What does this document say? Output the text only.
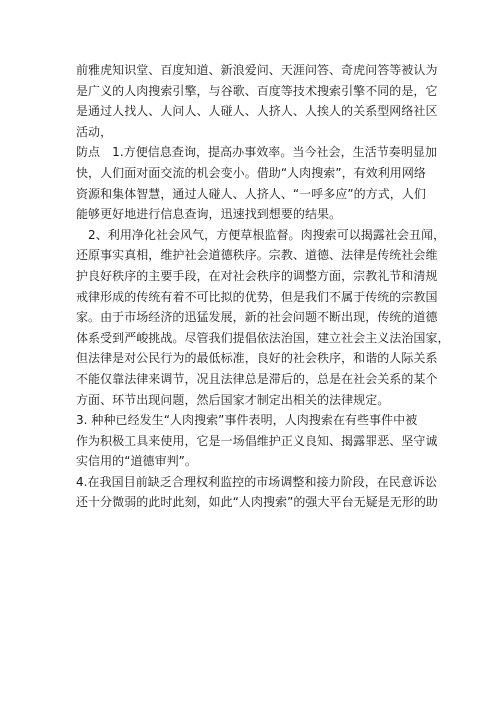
前雅虎知识堂、百度知道、新浪爱问、天涯问答、奇虎问答等被认为
是广义的人肉搜索引擎，与谷歌、百度等技术搜索引擎不同的是，它
是通过人找人、人问人、人碰人、人挤人、人挨人的关系型网络社区
活动，
防点　1.方便信息查询，提高办事效率。当今社会，生活节奏明显加
快，人们面对面交流的机会变小。借助“人肉搜索”，有效利用网络
资源和集体智慧，通过人碰人、人挤人、“一呼多应”的方式，人们
能够更好地进行信息查询，迅速找到想要的结果。
　2、利用净化社会风气，方便草根监督。肉搜索可以揭露社会丑闻，
还原事实真相，维护社会道德秩序。宗教、道德、法律是传统社会维
护良好秩序的主要手段，在对社会秩序的调整方面，宗教礼节和清规
戒律形成的传统有着不可比拟的优势，但是我们不属于传统的宗教国
家。由于市场经济的迅猛发展，新的社会问题不断出现，传统的道德
体系受到严峻挑战。尽管我们提倡依法治国，建立社会主义法治国家，
但法律是对公民行为的最低标准，良好的社会秩序，和谐的人际关系
不能仅靠法律来调节，况且法律总是滞后的，总是在社会关系的某个
方面、环节出现问题，然后国家才制定出相关的法律规定。
3. 种种已经发生“人肉搜索”事件表明，人肉搜索在有些事件中被
作为积极工具来使用，它是一场倡维护正义良知、揭露罪恶、坚守诚
实信用的“道德审判”。
4.在我国目前缺乏合理权利监控的市场调整和接力阶段，在民意诉讼
还十分微弱的此时此刻，如此“人肉搜索”的强大平台无疑是无形的助
